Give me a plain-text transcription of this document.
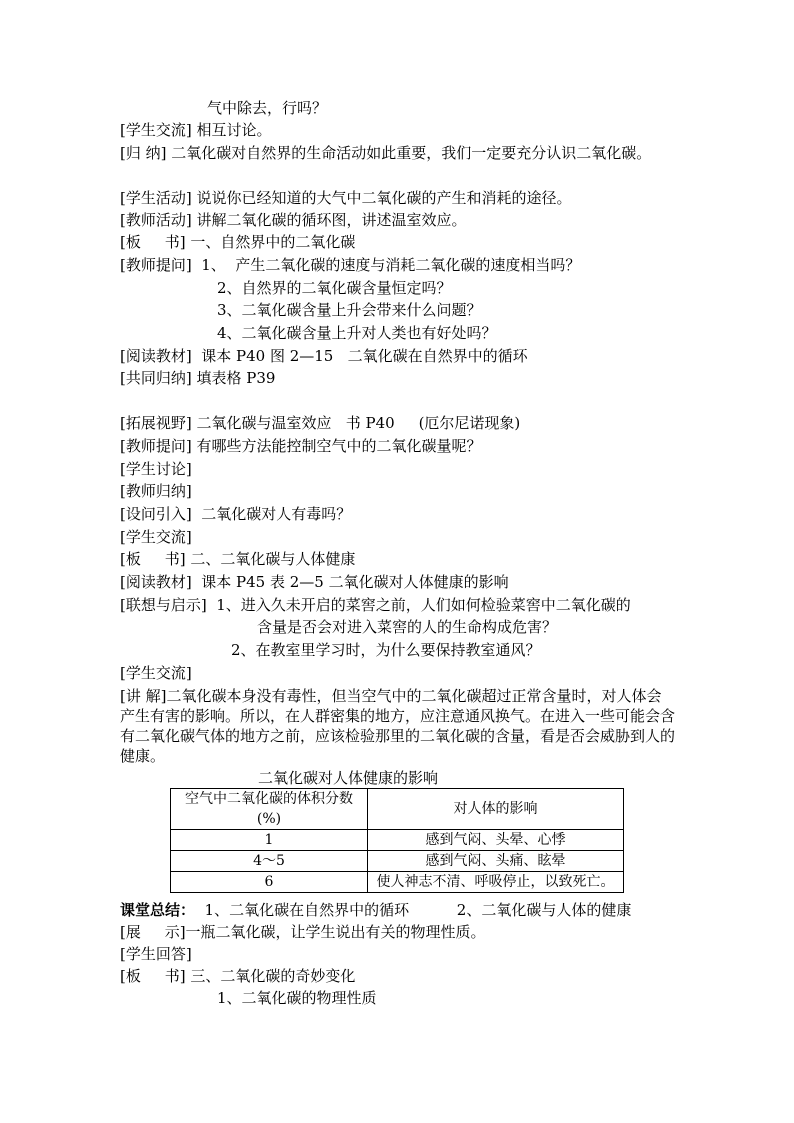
气中除去，行吗？
[学生交流] 相互讨论。
[归 纳] 二氧化碳对自然界的生命活动如此重要，我们一定要充分认识二氧化碳。
[学生活动] 说说你已经知道的大气中二氧化碳的产生和消耗的途径。
[教师活动] 讲解二氧化碳的循环图，讲述温室效应。
[板     书] 一、自然界中的二氧化碳
[教师提问]  1、  产生二氧化碳的速度与消耗二氧化碳的速度相当吗？
2、自然界的二氧化碳含量恒定吗？
3、二氧化碳含量上升会带来什么问题？
4、二氧化碳含量上升对人类也有好处吗？
[阅读教材]  课本 P40 图 2—15   二氧化碳在自然界中的循环
[共同归纳] 填表格 P39
[拓展视野] 二氧化碳与温室效应   书 P40     (厄尔尼诺现象)
[教师提问] 有哪些方法能控制空气中的二氧化碳量呢？
[学生讨论]
[教师归纳]
[设问引入]  二氧化碳对人有毒吗？
[学生交流]
[板     书] 二、二氧化碳与人体健康
[阅读教材]  课本 P45 表 2—5 二氧化碳对人体健康的影响
[联想与启示]  1、进入久未开启的菜窖之前，人们如何检验菜窖中二氧化碳的
含量是否会对进入菜窖的人的生命构成危害？
2、在教室里学习时，为什么要保持教室通风？
[学生交流]
[讲 解]二氧化碳本身没有毒性，但当空气中的二氧化碳超过正常含量时，对人体会产生有害的影响。所以，在人群密集的地方，应注意通风换气。在进入一些可能会含有二氧化碳气体的地方之前，应该检验那里的二氧化碳的含量，看是否会威胁到人的健康。
二氧化碳对人体健康的影响
空气中二氧化碳的体积分数(%)	对人体的影响
1	感到气闷、头晕、心悸
4～5	感到气闷、头痛、眩晕
6	使人神志不清、呼吸停止，以致死亡。
课堂总结：  1、二氧化碳在自然界中的循环          2、二氧化碳与人体的健康
[展     示]一瓶二氧化碳，让学生说出有关的物理性质。
[学生回答]
[板     书] 三、二氧化碳的奇妙变化
1、二氧化碳的物理性质
